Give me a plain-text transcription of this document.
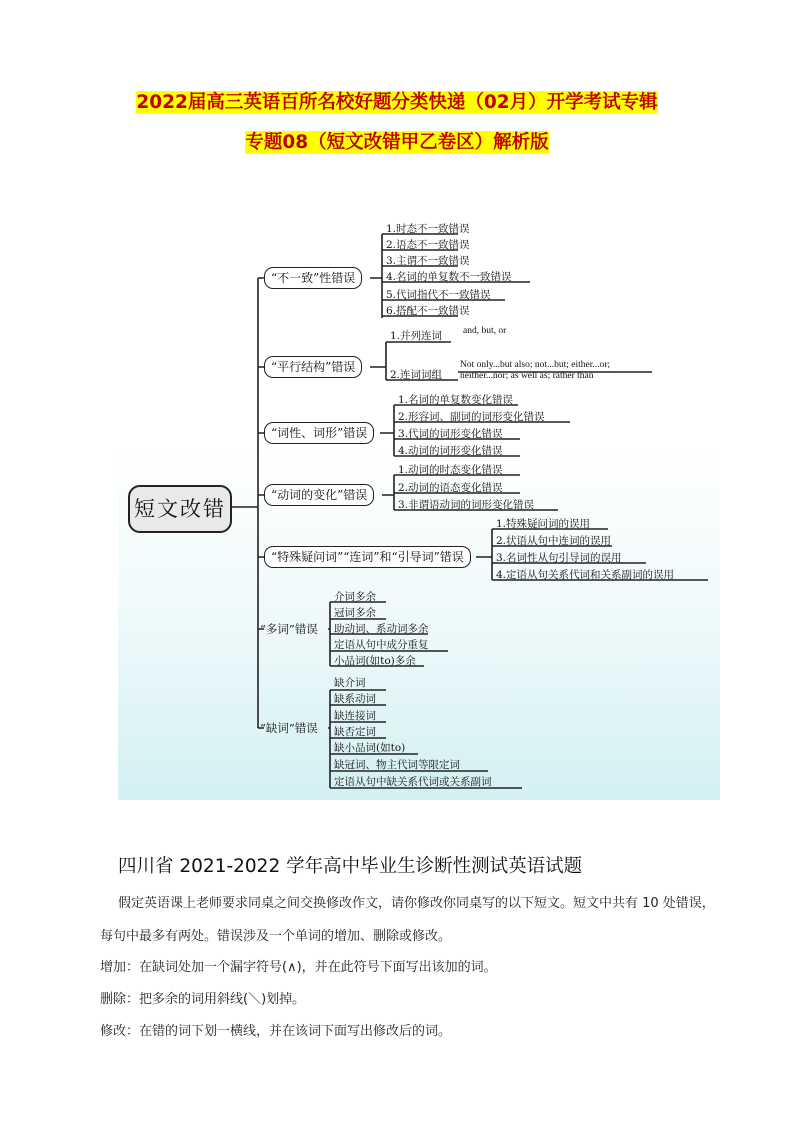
2022届高三英语百所名校好题分类快递（02月）开学考试专辑
专题08（短文改错甲乙卷区）解析版
短文改错
“不一致”性错误
1.时态不一致错误
2.语态不一致错误
3.主谓不一致错误
4.名词的单复数不一致错误
5.代词指代不一致错误
6.搭配不一致错误
“平行结构”错误
1.并列连词
2.连词词组
and, but, or
Not only...but also; not...but; either...or;
neither...nor; as well as; rather than
“词性、词形”错误
1.名词的单复数变化错误
2.形容词、副词的词形变化错误
3.代词的词形变化错误
4.动词的词形变化错误
“动词的变化”错误
1.动词的时态变化错误
2.动词的语态变化错误
3.非谓语动词的词形变化错误
“特殊疑问词”“连词”和“引导词”错误
1.特殊疑问词的误用
2.状语从句中连词的误用
3.名词性从句引导词的误用
4.定语从句关系代词和关系副词的误用
“多词”错误
介词多余
冠词多余
助动词、系动词多余
定语从句中成分重复
小品词(如to)多余
“缺词”错误
缺介词
缺系动词
缺连接词
缺否定词
缺小品词(如to)
缺冠词、物主代词等限定词
定语从句中缺关系代词或关系副词
四川省 2021-2022 学年高中毕业生诊断性测试英语试题
假定英语课上老师要求同桌之间交换修改作文，请你修改你同桌写的以下短文。短文中共有 10 处错误，每句中最多有两处。错误涉及一个单词的增加、删除或修改。
增加：在缺词处加一个漏字符号(∧)，并在此符号下面写出该加的词。
删除：把多余的词用斜线(＼)划掉。
修改：在错的词下划一横线，并在该词下面写出修改后的词。
